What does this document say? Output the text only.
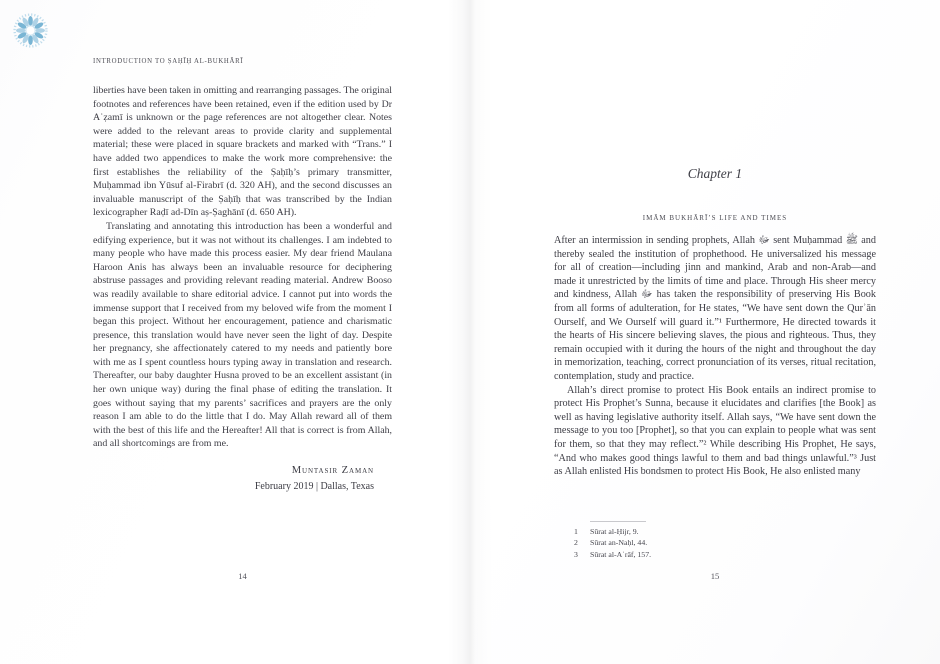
INTRODUCTION TO ṢAḤĪḤ AL-BUKHĀRĪ

liberties have been taken in omitting and rearranging passages. The original footnotes and references have been retained, even if the edition used by Dr Aʿẓamī is unknown or the page references are not altogether clear. Notes were added to the relevant areas to provide clarity and supplemental material; these were placed in square brackets and marked with “Trans.” I have added two appendices to make the work more comprehensive: the first establishes the reliability of the Ṣaḥīḥ’s primary transmitter, Muḥammad ibn Yūsuf al-Firabrī (d. 320 AH), and the second discusses an invaluable manuscript of the Ṣaḥīḥ that was transcribed by the Indian lexicographer Raḍī ad-Dīn aṣ-Ṣaghānī (d. 650 AH).

Translating and annotating this introduction has been a wonderful and edifying experience, but it was not without its challenges. I am indebted to many people who have made this process easier. My dear friend Maulana Haroon Anis has always been an invaluable resource for deciphering abstruse passages and providing relevant reading material. Andrew Booso was readily available to share editorial advice. I cannot put into words the immense support that I received from my beloved wife from the moment I began this project. Without her encouragement, patience and charismatic presence, this translation would have never seen the light of day. Despite her pregnancy, she affectionately catered to my needs and patiently bore with me as I spent countless hours typing away in translation and research. Thereafter, our baby daughter Husna proved to be an excellent assistant (in her own unique way) during the final phase of editing the translation. It goes without saying that my parents’ sacrifices and prayers are the only reason I am able to do the little that I do. May Allah reward all of them with the best of this life and the Hereafter! All that is correct is from Allah, and all shortcomings are from me.

Muntasir Zaman
February 2019 | Dallas, Texas
14
Chapter 1
IMĀM BUKHĀRĪ’S LIFE AND TIMES

After an intermission in sending prophets, Allah ﷻ sent Muḥammad ﷺ and thereby sealed the institution of prophethood. He universalized his message for all of creation—including jinn and mankind, Arab and non-Arab—and made it unrestricted by the limits of time and place. Through His sheer mercy and kindness, Allah ﷻ has taken the responsibility of preserving His Book from all forms of adulteration, for He states, “We have sent down the Qurʾān Ourself, and We Ourself will guard it.”¹ Furthermore, He directed towards it the hearts of His sincere believing slaves, the pious and righteous. Thus, they remain occupied with it during the hours of the night and throughout the day in memorization, teaching, correct pronunciation of its verses, ritual recitation, contemplation, study and practice.

Allah’s direct promise to protect His Book entails an indirect promise to protect His Prophet’s Sunna, because it elucidates and clarifies [the Book] as well as having legislative authority itself. Allah says, “We have sent down the message to you too [Prophet], so that you can explain to people what was sent for them, so that they may reflect.”² While describing His Prophet, He says, “And who makes good things lawful to them and bad things unlawful.”³ Just as Allah enlisted His bondsmen to protect His Book, He also enlisted many

1	Sūrat al-Ḥijr, 9.
2	Sūrat an-Naḥl, 44.
3	Sūrat al-Aʿrāf, 157.
15
